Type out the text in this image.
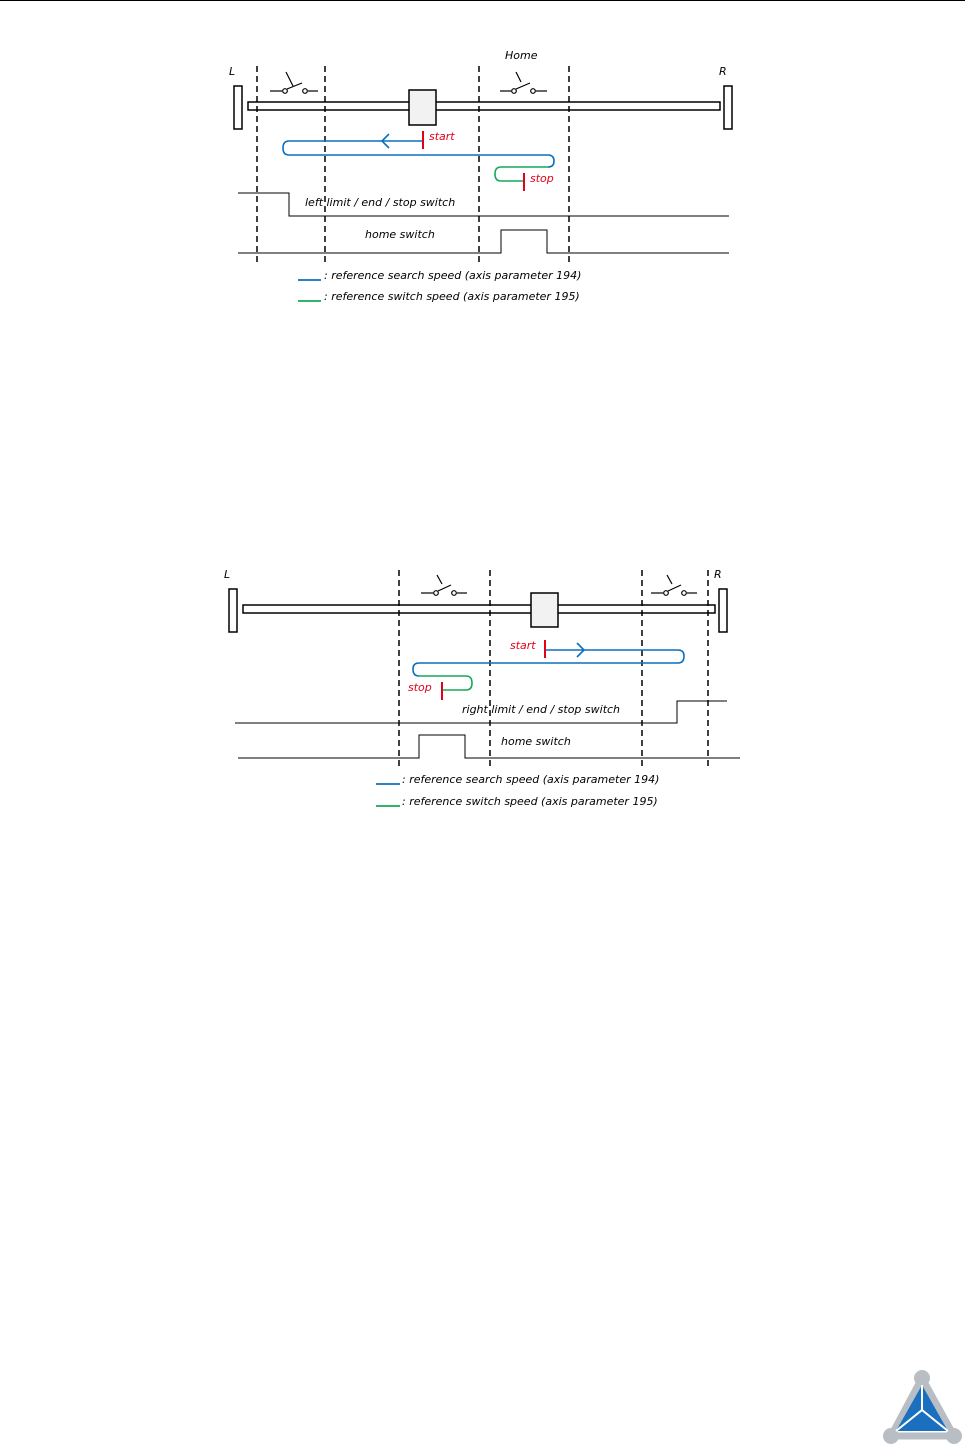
Home
L	R
start
stop
left limit / end / stop switch
home switch
: reference search speed (axis parameter 194)
: reference switch speed (axis parameter 195)
L	R
start
stop
right limit / end / stop switch
home switch
: reference search speed (axis parameter 194)
: reference switch speed (axis parameter 195)
